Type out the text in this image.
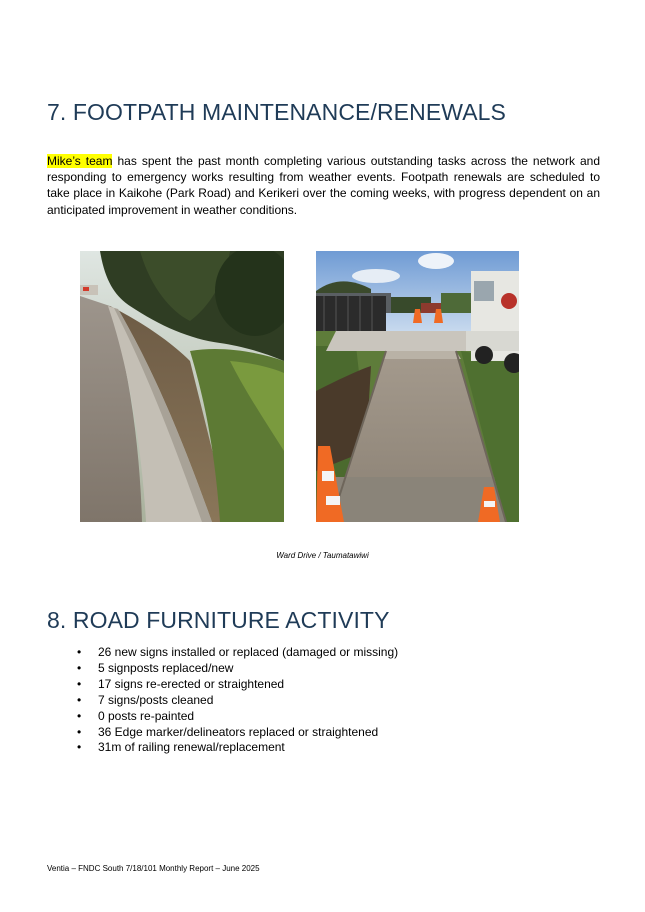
7. FOOTPATH MAINTENANCE/RENEWALS

Mike’s team has spent the past month completing various outstanding tasks across the network and responding to emergency works resulting from weather events. Footpath renewals are scheduled to take place in Kaikohe (Park Road) and Kerikeri over the coming weeks, with progress dependent on an anticipated improvement in weather conditions.

Ward Drive / Taumatawiwi
8. ROAD FURNITURE ACTIVITY
• 26 new signs installed or replaced (damaged or missing)
• 5 signposts replaced/new
• 17 signs re-erected or straightened
• 7 signs/posts cleaned
• 0 posts re-painted
• 36 Edge marker/delineators replaced or straightened
• 31m of railing renewal/replacement
Ventia – FNDC South 7/18/101 Monthly Report – June 2025
